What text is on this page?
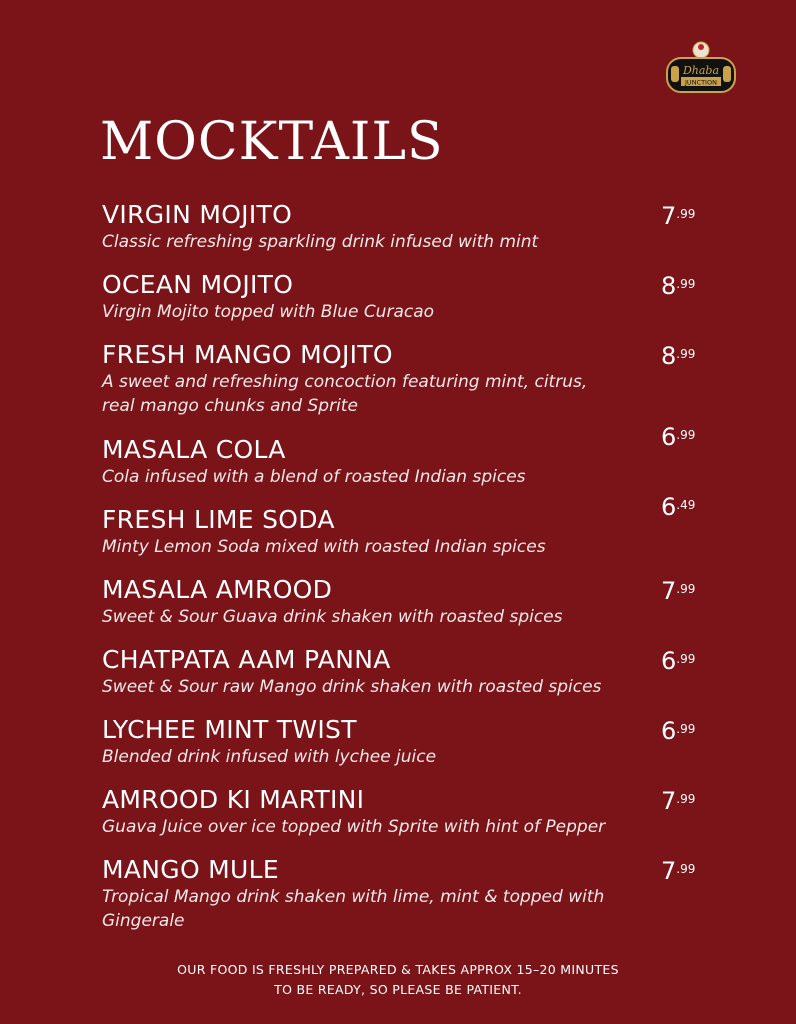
Dhaba
JUNCTION
MOCKTAILS
VIRGIN MOJITO
Classic refreshing sparkling drink infused with mint
$7^{.99}$
OCEAN MOJITO
Virgin Mojito topped with Blue Curacao
$8^{.99}$
FRESH MANGO MOJITO
A sweet and refreshing concoction featuring mint, citrus, real mango chunks and Sprite
$8^{.99}$
MASALA COLA
Cola infused with a blend of roasted Indian spices
$6^{.99}$
FRESH LIME SODA
Minty Lemon Soda mixed with roasted Indian spices
$6^{.49}$
MASALA AMROOD
Sweet & Sour Guava drink shaken with roasted spices
$7^{.99}$
CHATPATA AAM PANNA
Sweet & Sour raw Mango drink shaken with roasted spices
$6^{.99}$
LYCHEE MINT TWIST
Blended drink infused with lychee juice
$6^{.99}$
AMROOD KI MARTINI
Guava Juice over ice topped with Sprite with hint of Pepper
$7^{.99}$
MANGO MULE
Tropical Mango drink shaken with lime, mint & topped with Gingerale
$7^{.99}$
OUR FOOD IS FRESHLY PREPARED & TAKES APPROX 15–20 MINUTES
TO BE READY, SO PLEASE BE PATIENT.
